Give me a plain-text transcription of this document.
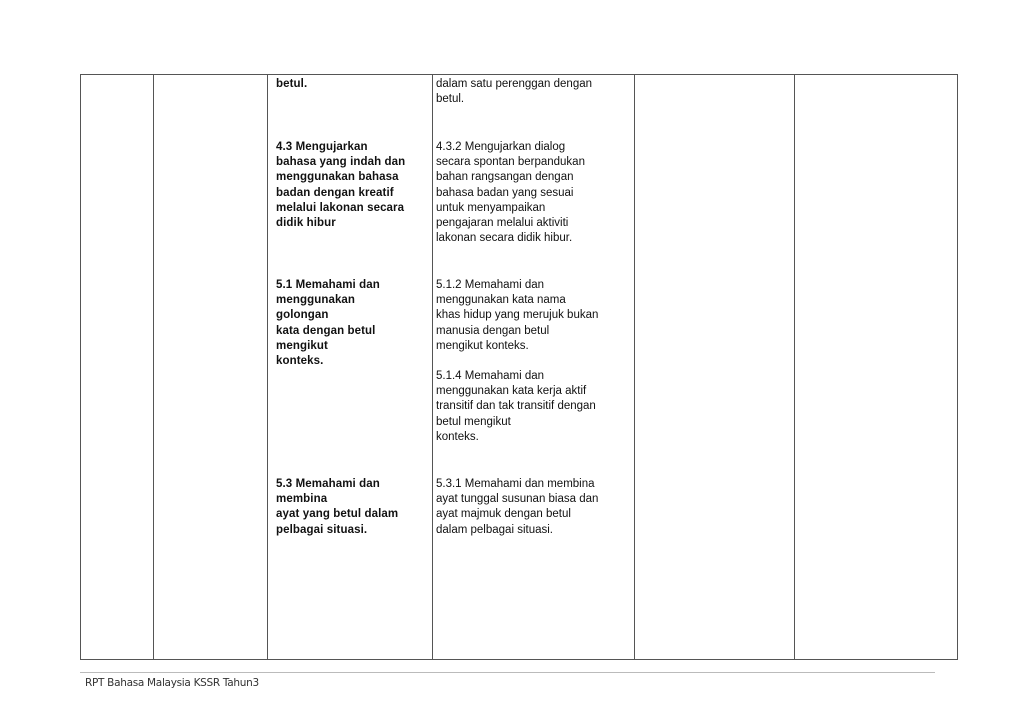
betul.	dalam satu perenggan dengan
betul.
4.3 Mengujarkan
bahasa yang indah dan
menggunakan bahasa
badan dengan kreatif
melalui lakonan secara
didik hibur
4.3.2 Mengujarkan dialog
secara spontan berpandukan
bahan rangsangan dengan
bahasa badan yang sesuai
untuk menyampaikan
pengajaran melalui aktiviti
lakonan secara didik hibur.
5.1 Memahami dan
menggunakan
golongan
kata dengan betul
mengikut
konteks.
5.1.2 Memahami dan
menggunakan kata nama
khas hidup yang merujuk bukan
manusia dengan betul
mengikut konteks.
5.1.4 Memahami dan
menggunakan kata kerja aktif
transitif dan tak transitif dengan
betul mengikut
konteks.
5.3 Memahami dan
membina
ayat yang betul dalam
pelbagai situasi.
5.3.1 Memahami dan membina
ayat tunggal susunan biasa dan
ayat majmuk dengan betul
dalam pelbagai situasi.
RPT Bahasa Malaysia KSSR Tahun3
